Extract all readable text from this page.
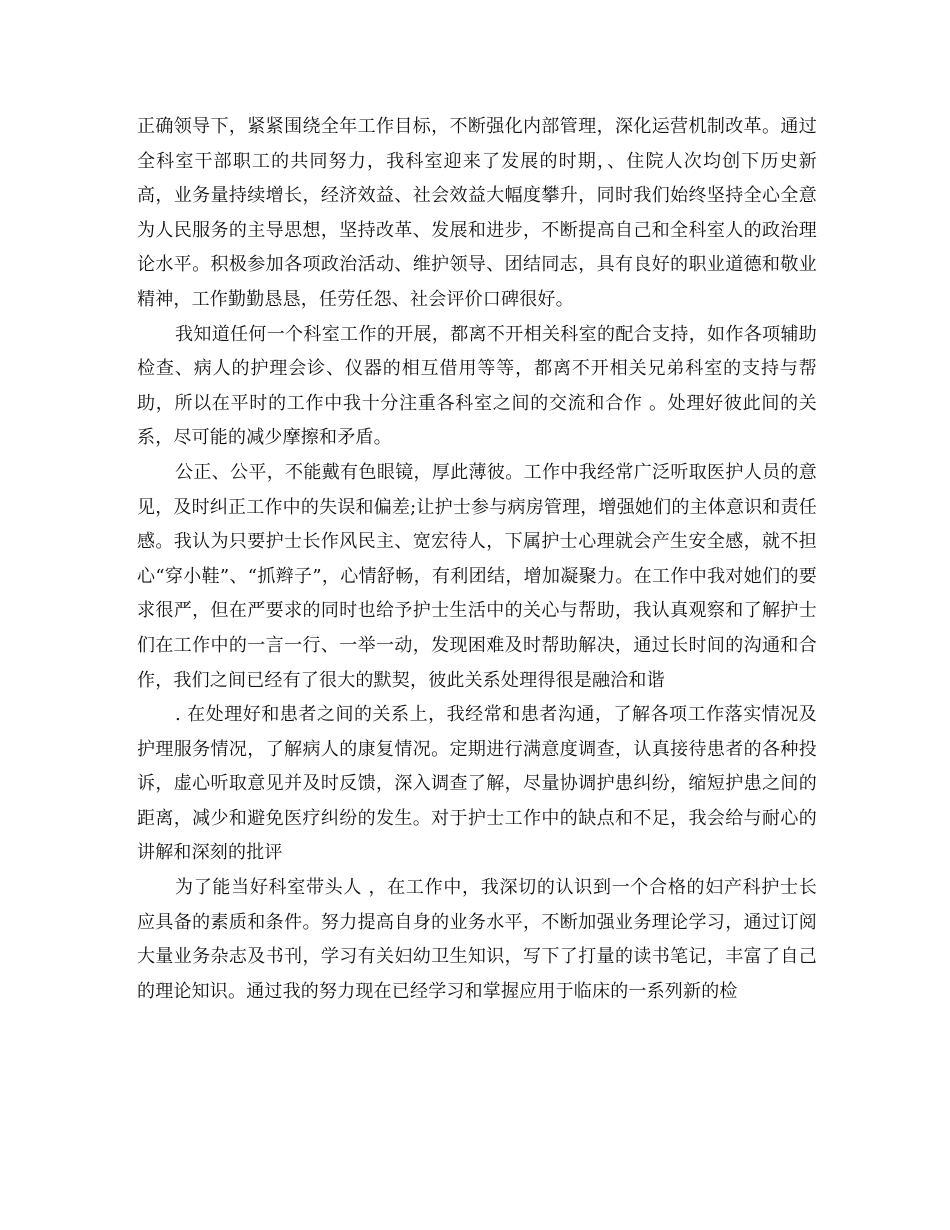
正确领导下，紧紧围绕全年工作目标，不断强化内部管理，深化运营机制改革。通过全科室干部职工的共同努力，我科室迎来了发展的时期，、住院人次均创下历史新高，业务量持续增长，经济效益、社会效益大幅度攀升，同时我们始终坚持全心全意为人民服务的主导思想，坚持改革、发展和进步，不断提高自己和全科室人的政治理论水平。积极参加各项政治活动、维护领导、团结同志，具有良好的职业道德和敬业精神，工作勤勤恳恳，任劳任怨、社会评价口碑很好。

我知道任何一个科室工作的开展，都离不开相关科室的配合支持，如作各项辅助检查、病人的护理会诊、仪器的相互借用等等，都离不开相关兄弟科室的支持与帮助，所以在平时的工作中我十分注重各科室之间的交流和合作 。处理好彼此间的关系，尽可能的减少摩擦和矛盾。

公正、公平，不能戴有色眼镜，厚此薄彼。工作中我经常广泛听取医护人员的意见，及时纠正工作中的失误和偏差;让护士参与病房管理，增强她们的主体意识和责任感。我认为只要护士长作风民主、宽宏待人，下属护士心理就会产生安全感，就不担心“穿小鞋”、“抓辫子”，心情舒畅，有利团结，增加凝聚力。在工作中我对她们的要求很严，但在严要求的同时也给予护士生活中的关心与帮助，我认真观察和了解护士们在工作中的一言一行、一举一动，发现困难及时帮助解决，通过长时间的沟通和合作，我们之间已经有了很大的默契，彼此关系处理得很是融洽和谐

. 在处理好和患者之间的关系上，我经常和患者沟通，了解各项工作落实情况及护理服务情况，了解病人的康复情况。定期进行满意度调查，认真接待患者的各种投诉，虚心听取意见并及时反馈，深入调查了解，尽量协调护患纠纷，缩短护患之间的距离，减少和避免医疗纠纷的发生。对于护士工作中的缺点和不足，我会给与耐心的讲解和深刻的批评

为了能当好科室带头人 ，在工作中，我深切的认识到一个合格的妇产科护士长应具备的素质和条件。努力提高自身的业务水平，不断加强业务理论学习，通过订阅大量业务杂志及书刊，学习有关妇幼卫生知识，写下了打量的读书笔记，丰富了自己的理论知识。通过我的努力现在已经学习和掌握应用于临床的一系列新的检
